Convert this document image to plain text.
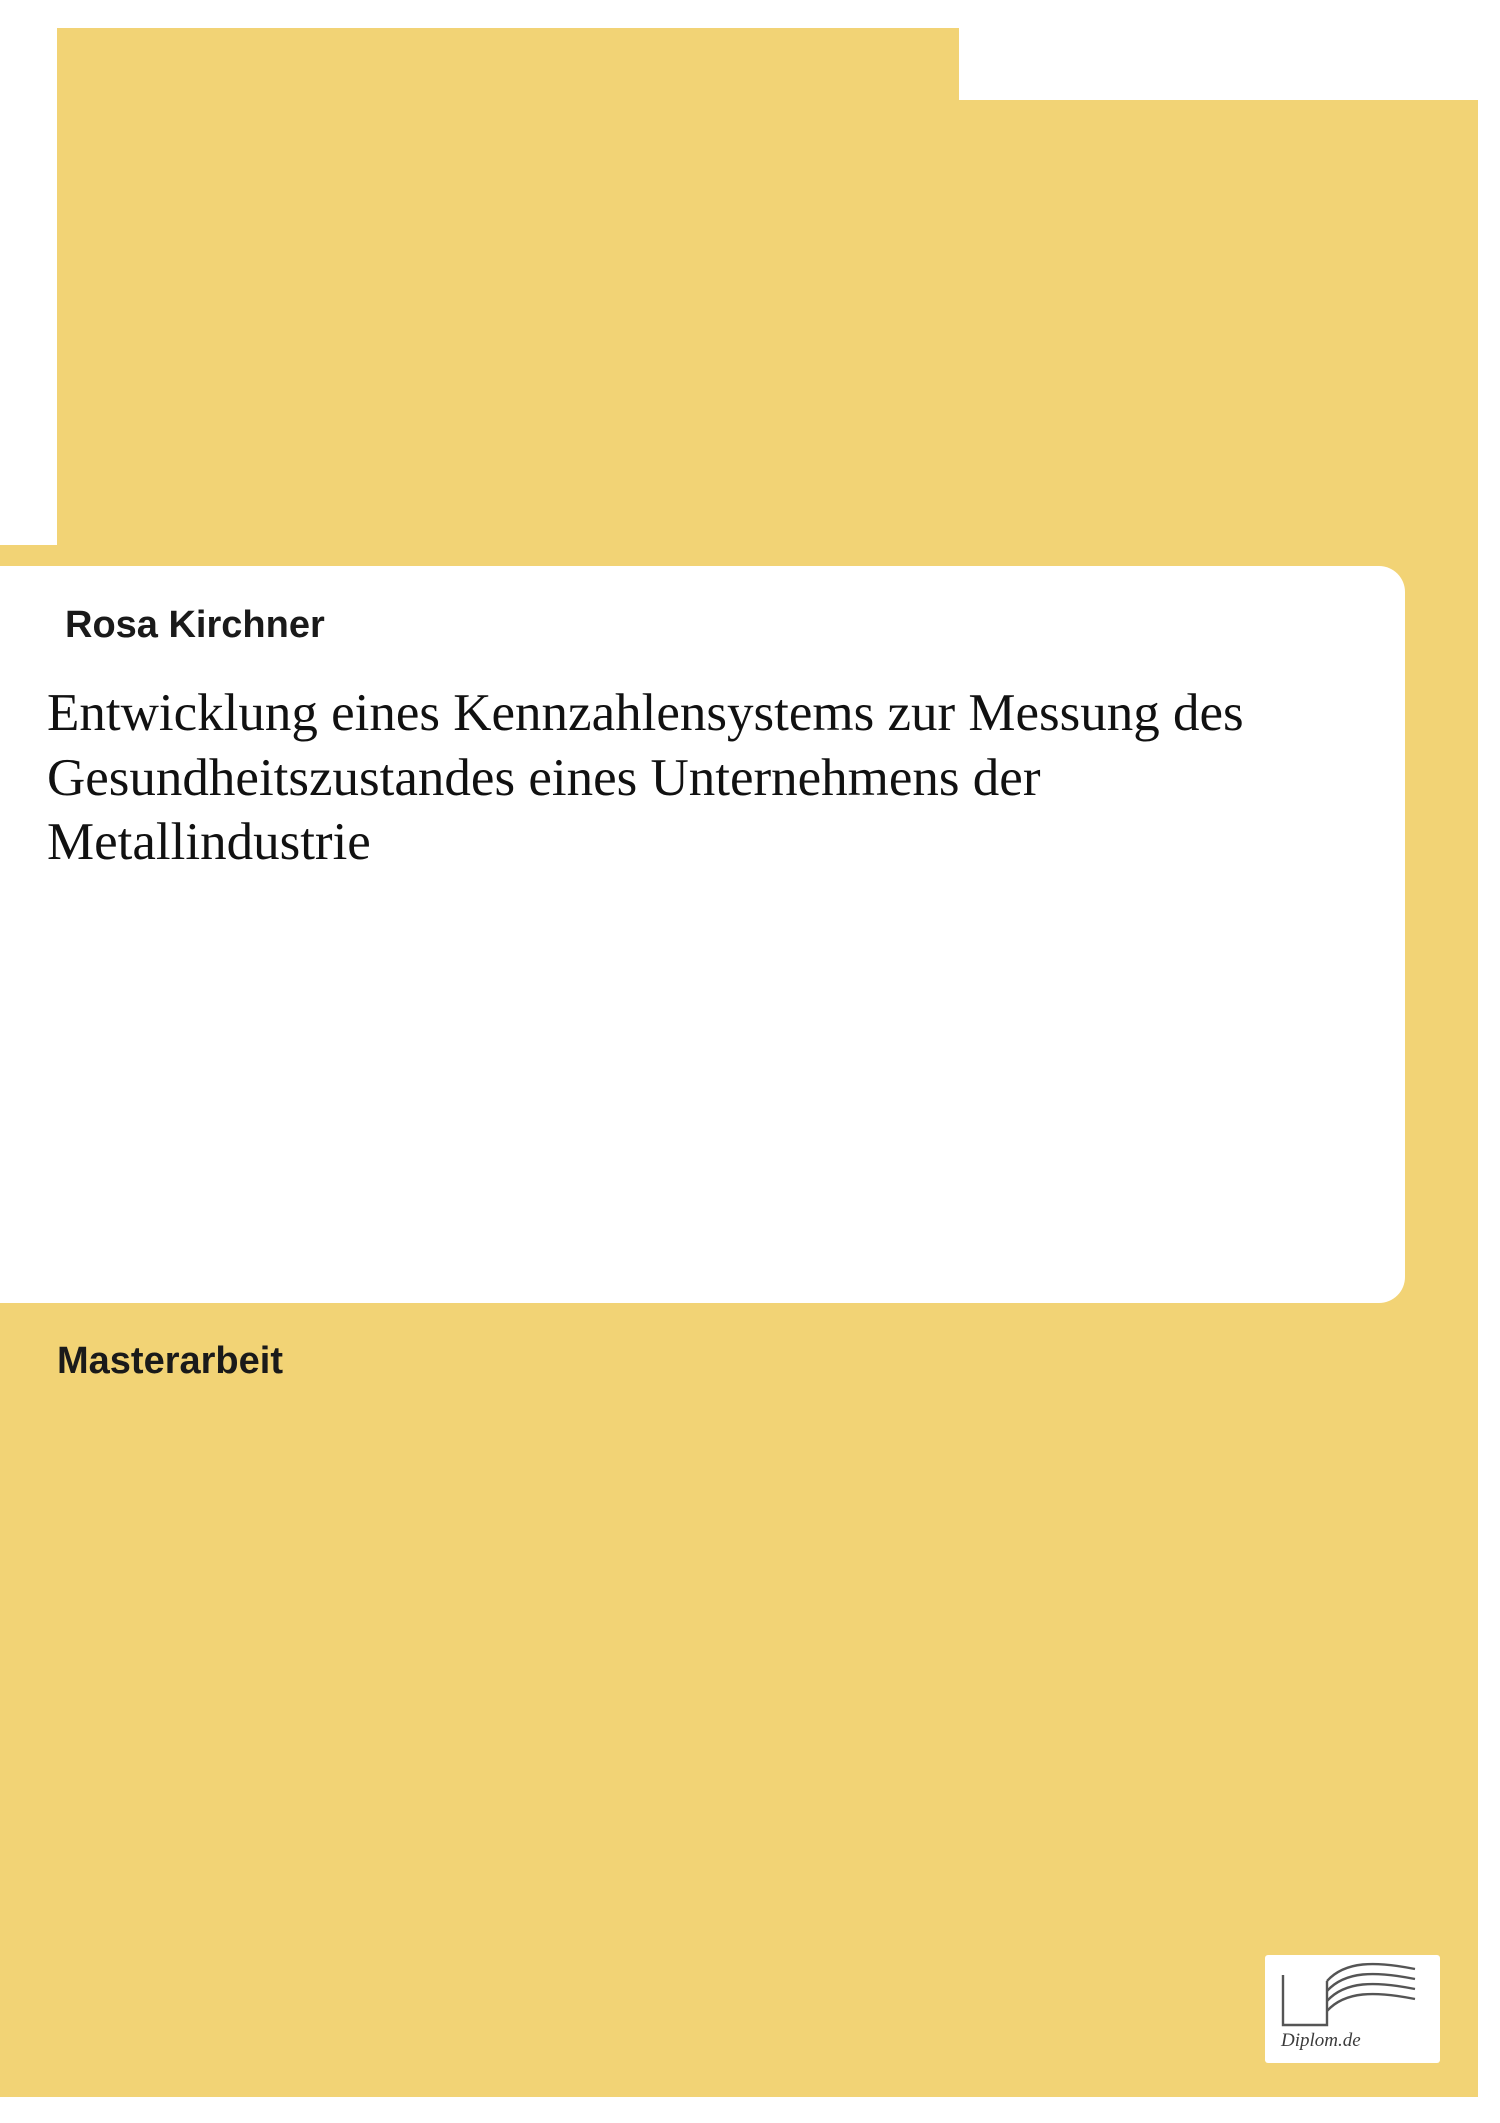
Wirtschaft
Rosa Kirchner
Entwicklung eines Kennzahlensystems zur Messung des Gesundheitszustandes eines Unternehmens der Metallindustrie
Masterarbeit
Diplom.de
